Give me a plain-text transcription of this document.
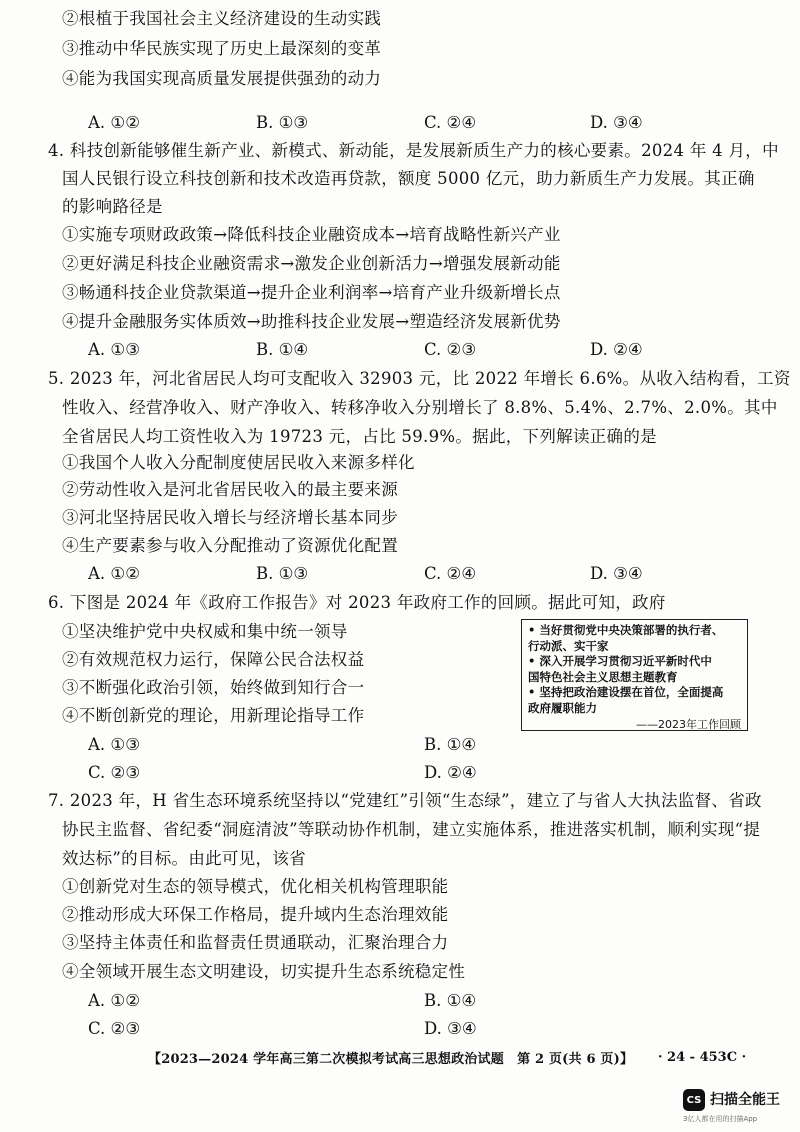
②根植于我国社会主义经济建设的生动实践
③推动中华民族实现了历史上最深刻的变革
④能为我国实现高质量发展提供强劲的动力
A. ①②	B. ①③	C. ②④	D. ③④
4. 科技创新能够催生新产业、新模式、新动能，是发展新质生产力的核心要素。2024 年 4 月，中
国人民银行设立科技创新和技术改造再贷款，额度 5000 亿元，助力新质生产力发展。其正确
的影响路径是
①实施专项财政政策→降低科技企业融资成本→培育战略性新兴产业
②更好满足科技企业融资需求→激发企业创新活力→增强发展新动能
③畅通科技企业贷款渠道→提升企业利润率→培育产业升级新增长点
④提升金融服务实体质效→助推科技企业发展→塑造经济发展新优势
A. ①③	B. ①④	C. ②③	D. ②④
5. 2023 年，河北省居民人均可支配收入 32903 元，比 2022 年增长 6.6%。从收入结构看，工资
性收入、经营净收入、财产净收入、转移净收入分别增长了 8.8%、5.4%、2.7%、2.0%。其中
全省居民人均工资性收入为 19723 元，占比 59.9%。据此，下列解读正确的是
①我国个人收入分配制度使居民收入来源多样化
②劳动性收入是河北省居民收入的最主要来源
③河北坚持居民收入增长与经济增长基本同步
④生产要素参与收入分配推动了资源优化配置
A. ①②	B. ①③	C. ②④	D. ③④
6. 下图是 2024 年《政府工作报告》对 2023 年政府工作的回顾。据此可知，政府
①坚决维护党中央权威和集中统一领导
②有效规范权力运行，保障公民合法权益
③不断强化政治引领，始终做到知行合一
④不断创新党的理论，用新理论指导工作
A. ①③	B. ①④
C. ②③	D. ②④
• 当好贯彻党中央决策部署的执行者、
行动派、实干家
• 深入开展学习贯彻习近平新时代中
国特色社会主义思想主题教育
• 坚持把政治建设摆在首位，全面提高
政府履职能力
——2023年工作回顾
7. 2023 年，H 省生态环境系统坚持以“党建红”引领“生态绿”，建立了与省人大执法监督、省政
协民主监督、省纪委“洞庭清波”等联动协作机制，建立实施体系，推进落实机制，顺利实现“提
效达标”的目标。由此可见，该省
①创新党对生态的领导模式，优化相关机构管理职能
②推动形成大环保工作格局，提升域内生态治理效能
③坚持主体责任和监督责任贯通联动，汇聚治理合力
④全领域开展生态文明建设，切实提升生态系统稳定性
A. ①②	B. ①④
C. ②③	D. ③④
【2023—2024 学年高三第二次模拟考试高三思想政治试题　第 2 页(共 6 页)】 · 24 - 453C ·
CS 扫描全能王
3亿人都在用的扫描App
